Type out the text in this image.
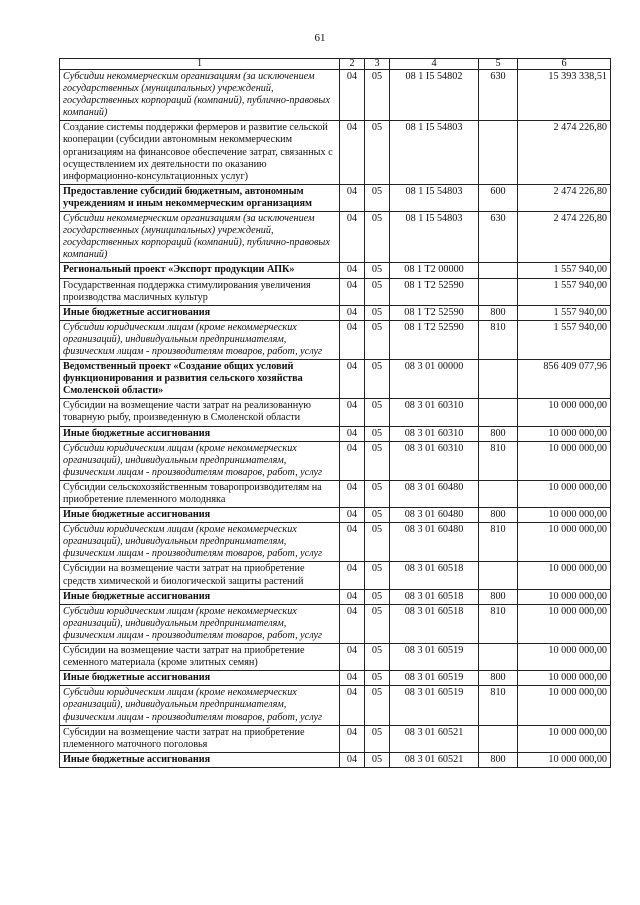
61
1	2	3	4	5	6
Субсидии некоммерческим организациям (за исключением государственных (муниципальных) учреждений, государственных корпораций (компаний), публично-правовых компаний)	04	05	08 1 I5 54802	630	15 393 338,51
Создание системы поддержки фермеров и развитие сельской кооперации (субсидии автономным некоммерческим организациям на финансовое обеспечение затрат, связанных с осуществлением их деятельности по оказанию информационно-консультационных услуг)	04	05	08 1 I5 54803		2 474 226,80
Предоставление субсидий бюджетным, автономным учреждениям и иным некоммерческим организациям	04	05	08 1 I5 54803	600	2 474 226,80
Субсидии некоммерческим организациям (за исключением государственных (муниципальных) учреждений, государственных корпораций (компаний), публично-правовых компаний)	04	05	08 1 I5 54803	630	2 474 226,80
Региональный проект «Экспорт продукции АПК»	04	05	08 1 T2 00000		1 557 940,00
Государственная поддержка стимулирования увеличения производства масличных культур	04	05	08 1 T2 52590		1 557 940,00
Иные бюджетные ассигнования	04	05	08 1 T2 52590	800	1 557 940,00
Субсидии юридическим лицам (кроме некоммерческих организаций), индивидуальным предпринимателям, физическим лицам - производителям товаров, работ, услуг	04	05	08 1 T2 52590	810	1 557 940,00
Ведомственный проект «Создание общих условий функционирования и развития сельского хозяйства Смоленской области»	04	05	08 3 01 00000		856 409 077,96
Субсидии на возмещение части затрат на реализованную товарную рыбу, произведенную в Смоленской области	04	05	08 3 01 60310		10 000 000,00
Иные бюджетные ассигнования	04	05	08 3 01 60310	800	10 000 000,00
Субсидии юридическим лицам (кроме некоммерческих организаций), индивидуальным предпринимателям, физическим лицам - производителям товаров, работ, услуг	04	05	08 3 01 60310	810	10 000 000,00
Субсидии сельскохозяйственным товаропроизводителям на приобретение племенного молодняка	04	05	08 3 01 60480		10 000 000,00
Иные бюджетные ассигнования	04	05	08 3 01 60480	800	10 000 000,00
Субсидии юридическим лицам (кроме некоммерческих организаций), индивидуальным предпринимателям, физическим лицам - производителям товаров, работ, услуг	04	05	08 3 01 60480	810	10 000 000,00
Субсидии на возмещение части затрат на приобретение средств химической и биологической защиты растений	04	05	08 3 01 60518		10 000 000,00
Иные бюджетные ассигнования	04	05	08 3 01 60518	800	10 000 000,00
Субсидии юридическим лицам (кроме некоммерческих организаций), индивидуальным предпринимателям, физическим лицам - производителям товаров, работ, услуг	04	05	08 3 01 60518	810	10 000 000,00
Субсидии на возмещение части затрат на приобретение семенного материала (кроме элитных семян)	04	05	08 3 01 60519		10 000 000,00
Иные бюджетные ассигнования	04	05	08 3 01 60519	800	10 000 000,00
Субсидии юридическим лицам (кроме некоммерческих организаций), индивидуальным предпринимателям, физическим лицам - производителям товаров, работ, услуг	04	05	08 3 01 60519	810	10 000 000,00
Субсидии на возмещение части затрат на приобретение племенного маточного поголовья	04	05	08 3 01 60521		10 000 000,00
Иные бюджетные ассигнования	04	05	08 3 01 60521	800	10 000 000,00
